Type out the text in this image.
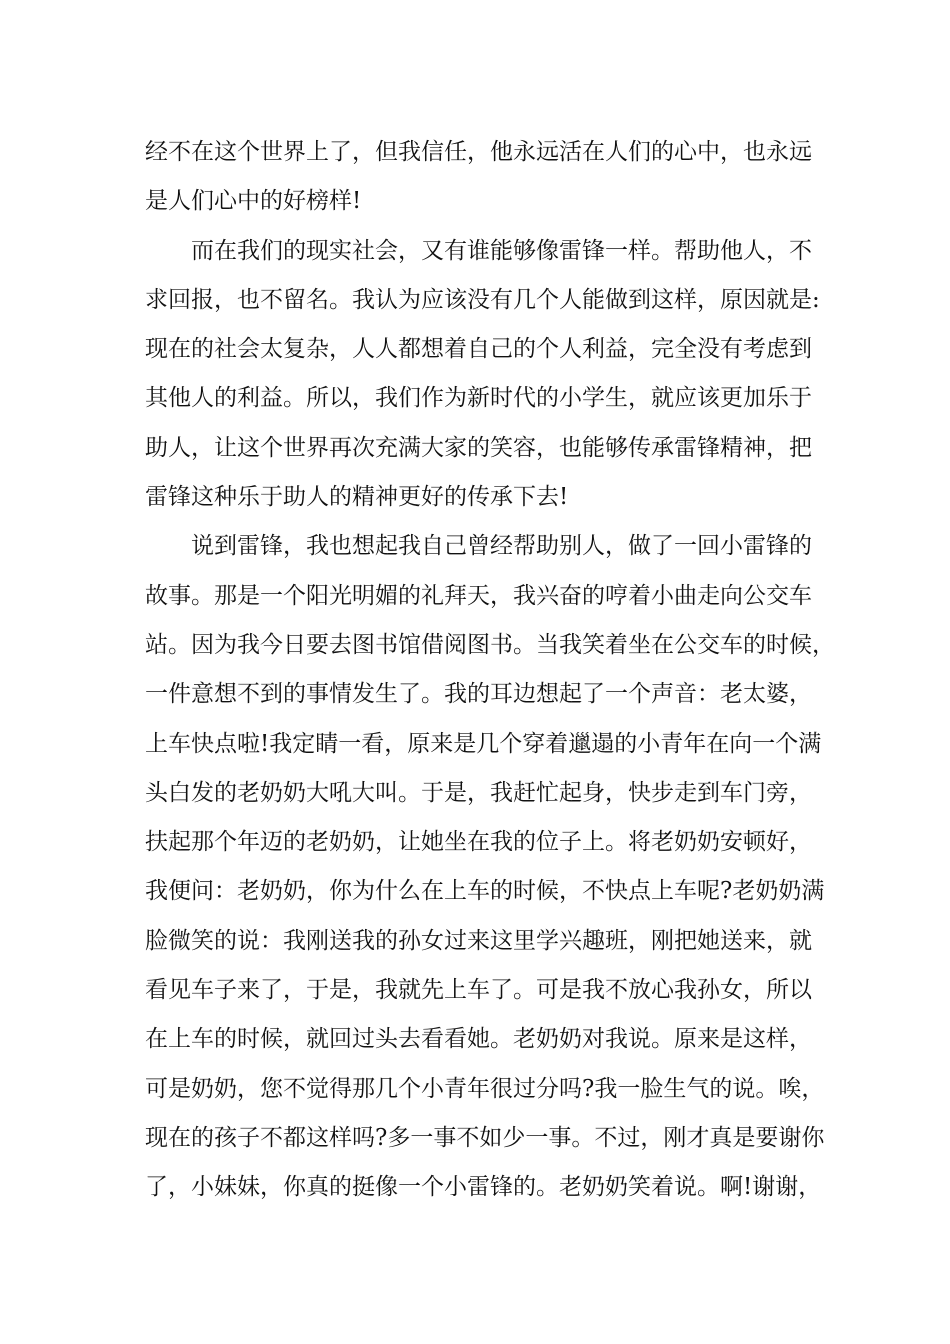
经不在这个世界上了，但我信任，他永远活在人们的心中，也永远
是人们心中的好榜样!
而在我们的现实社会，又有谁能够像雷锋一样。帮助他人，不
求回报，也不留名。我认为应该没有几个人能做到这样，原因就是:
现在的社会太复杂，人人都想着自己的个人利益，完全没有考虑到
其他人的利益。所以，我们作为新时代的小学生，就应该更加乐于
助人，让这个世界再次充满大家的笑容，也能够传承雷锋精神，把
雷锋这种乐于助人的精神更好的传承下去!
说到雷锋，我也想起我自己曾经帮助别人，做了一回小雷锋的
故事。那是一个阳光明媚的礼拜天，我兴奋的哼着小曲走向公交车
站。因为我今日要去图书馆借阅图书。当我笑着坐在公交车的时候，
一件意想不到的事情发生了。我的耳边想起了一个声音：老太婆，
上车快点啦!我定睛一看，原来是几个穿着邋遢的小青年在向一个满
头白发的老奶奶大吼大叫。于是，我赶忙起身，快步走到车门旁，
扶起那个年迈的老奶奶，让她坐在我的位子上。将老奶奶安顿好，
我便问：老奶奶，你为什么在上车的时候，不快点上车呢?老奶奶满
脸微笑的说：我刚送我的孙女过来这里学兴趣班，刚把她送来，就
看见车子来了，于是，我就先上车了。可是我不放心我孙女，所以
在上车的时候，就回过头去看看她。老奶奶对我说。原来是这样，
可是奶奶，您不觉得那几个小青年很过分吗?我一脸生气的说。唉，
现在的孩子不都这样吗?多一事不如少一事。不过，刚才真是要谢你
了，小妹妹，你真的挺像一个小雷锋的。老奶奶笑着说。啊!谢谢，
